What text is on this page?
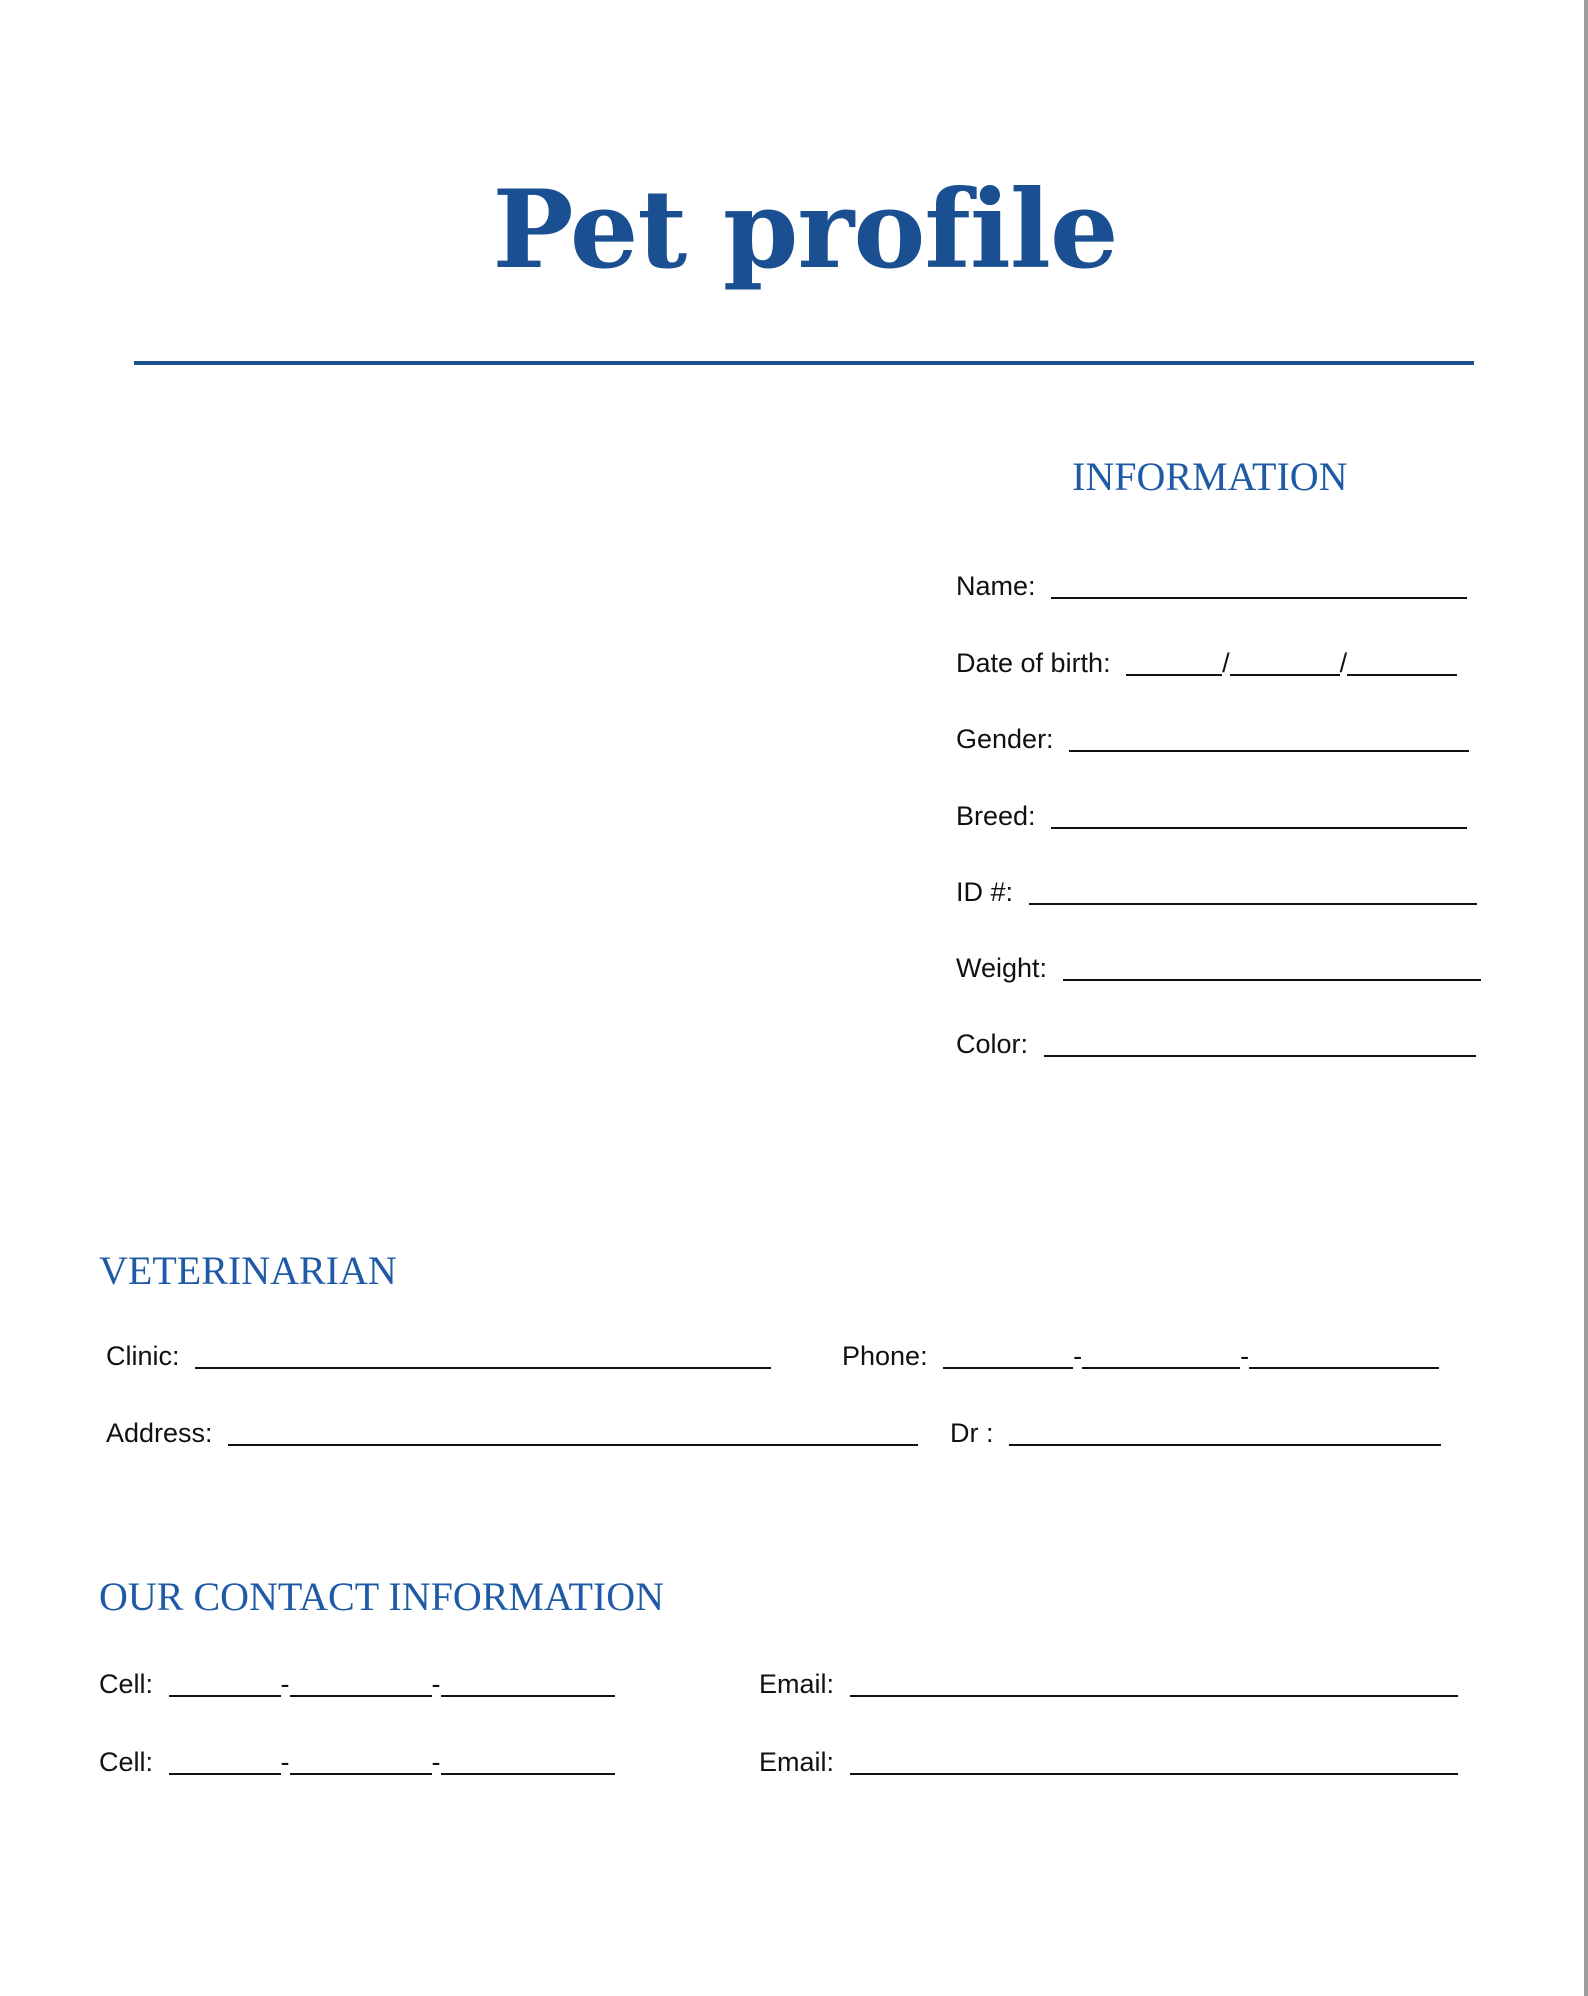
Pet profile
INFORMATION
Name:
Date of birth:	/	/
Gender:
Breed:
ID #:
Weight:
Color:
VETERINARIAN
Clinic:	Phone:	-	-
Address:	Dr :
OUR CONTACT INFORMATION
Cell:	-	-	Email:
Cell:	-	-	Email:
